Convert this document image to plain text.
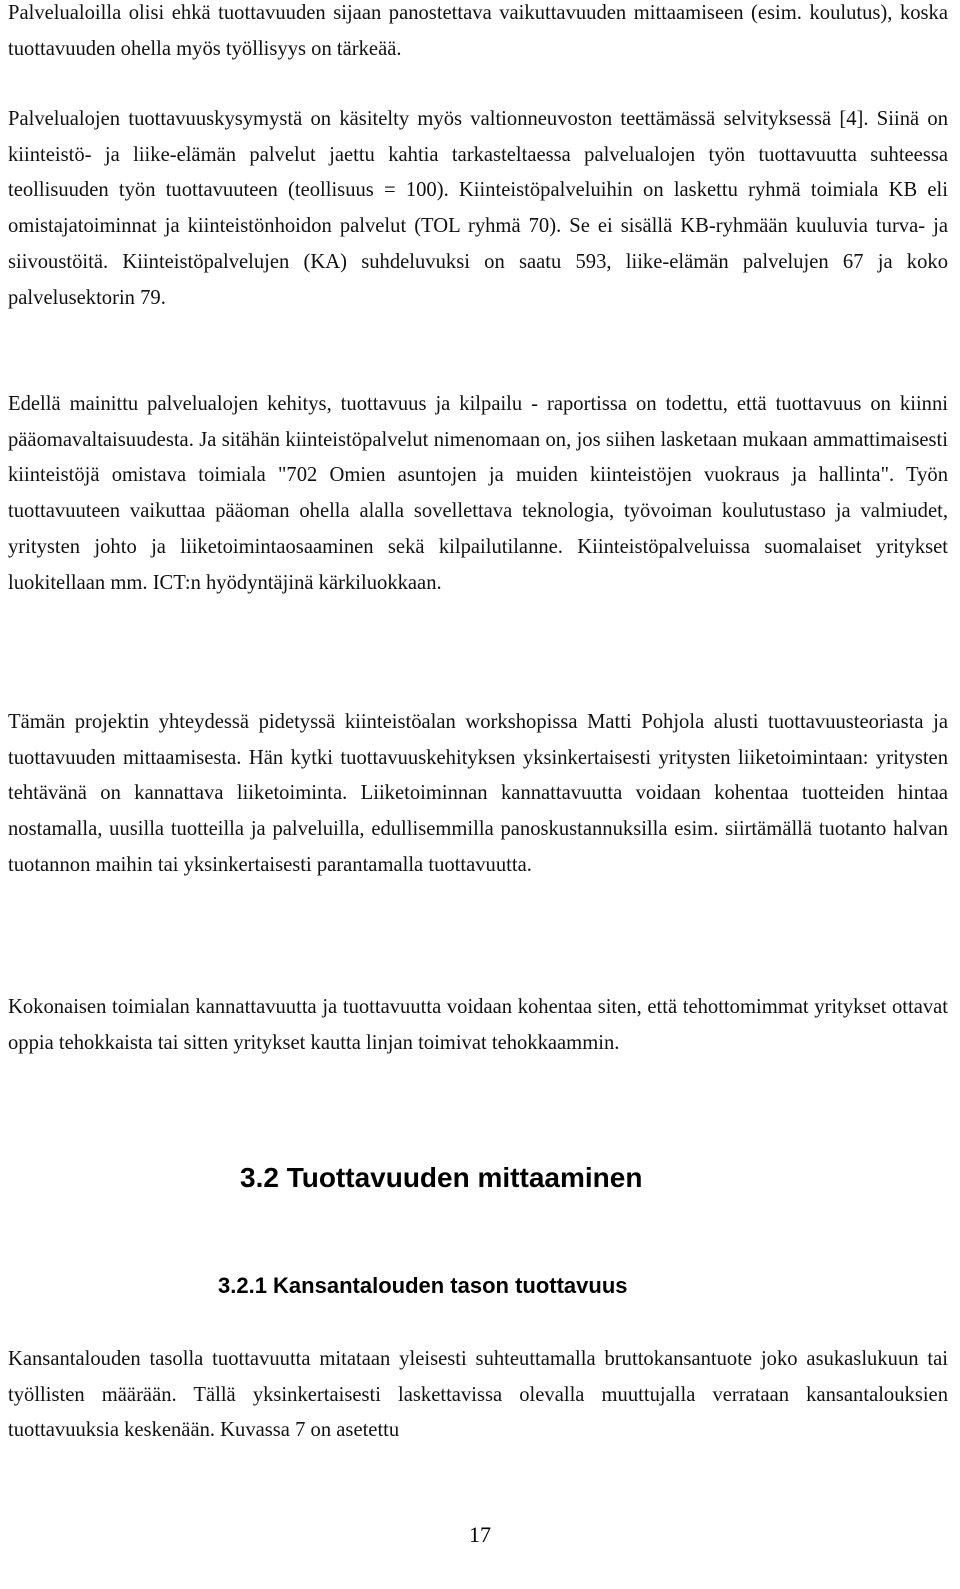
Palvelualoilla olisi ehkä tuottavuuden sijaan panostettava vaikuttavuuden mittaamiseen (esim. koulutus), koska tuottavuuden ohella myös työllisyys on tärkeää.

Palvelualojen tuottavuuskysymystä on käsitelty myös valtionneuvoston teettämässä selvityksessä [4]. Siinä on kiinteistö- ja liike-elämän palvelut jaettu kahtia tarkasteltaessa palvelualojen työn tuottavuutta suhteessa teollisuuden työn tuottavuuteen (teollisuus = 100). Kiinteistöpalveluihin on laskettu ryhmä toimiala KB eli omistajatoiminnat ja kiinteistönhoidon palvelut (TOL ryhmä 70). Se ei sisällä KB-ryhmään kuuluvia turva- ja siivoustöitä. Kiinteistöpalvelujen (KA) suhdeluvuksi on saatu 593, liike-elämän palvelujen 67 ja koko palvelusektorin 79.

Edellä mainittu palvelualojen kehitys, tuottavuus ja kilpailu - raportissa on todettu, että tuottavuus on kiinni pääomavaltaisuudesta. Ja sitähän kiinteistöpalvelut nimenomaan on, jos siihen lasketaan mukaan ammattimaisesti kiinteistöjä omistava toimiala "702 Omien asuntojen ja muiden kiinteistöjen vuokraus ja hallinta". Työn tuottavuuteen vaikuttaa pääoman ohella alalla sovellettava teknologia, työvoiman koulutustaso ja valmiudet, yritysten johto ja liiketoimintaosaaminen sekä kilpailutilanne. Kiinteistöpalveluissa suomalaiset yritykset luokitellaan mm. ICT:n hyödyntäjinä kärkiluokkaan.

Tämän projektin yhteydessä pidetyssä kiinteistöalan workshopissa Matti Pohjola alusti tuottavuusteoriasta ja tuottavuuden mittaamisesta. Hän kytki tuottavuuskehityksen yksinkertaisesti yritysten liiketoimintaan: yritysten tehtävänä on kannattava liiketoiminta. Liiketoiminnan kannattavuutta voidaan kohentaa tuotteiden hintaa nostamalla, uusilla tuotteilla ja palveluilla, edullisemmilla panoskustannuksilla esim. siirtämällä tuotanto halvan tuotannon maihin tai yksinkertaisesti parantamalla tuottavuutta.

Kokonaisen toimialan kannattavuutta ja tuottavuutta voidaan kohentaa siten, että tehottomimmat yritykset ottavat oppia tehokkaista tai sitten yritykset kautta linjan toimivat tehokkaammin.

3.2 Tuottavuuden mittaaminen
3.2.1 Kansantalouden tason tuottavuus

Kansantalouden tasolla tuottavuutta mitataan yleisesti suhteuttamalla bruttokansantuote joko asukaslukuun tai työllisten määrään. Tällä yksinkertaisesti laskettavissa olevalla muuttujalla verrataan kansantalouksien tuottavuuksia keskenään. Kuvassa 7 on asetettu

17
